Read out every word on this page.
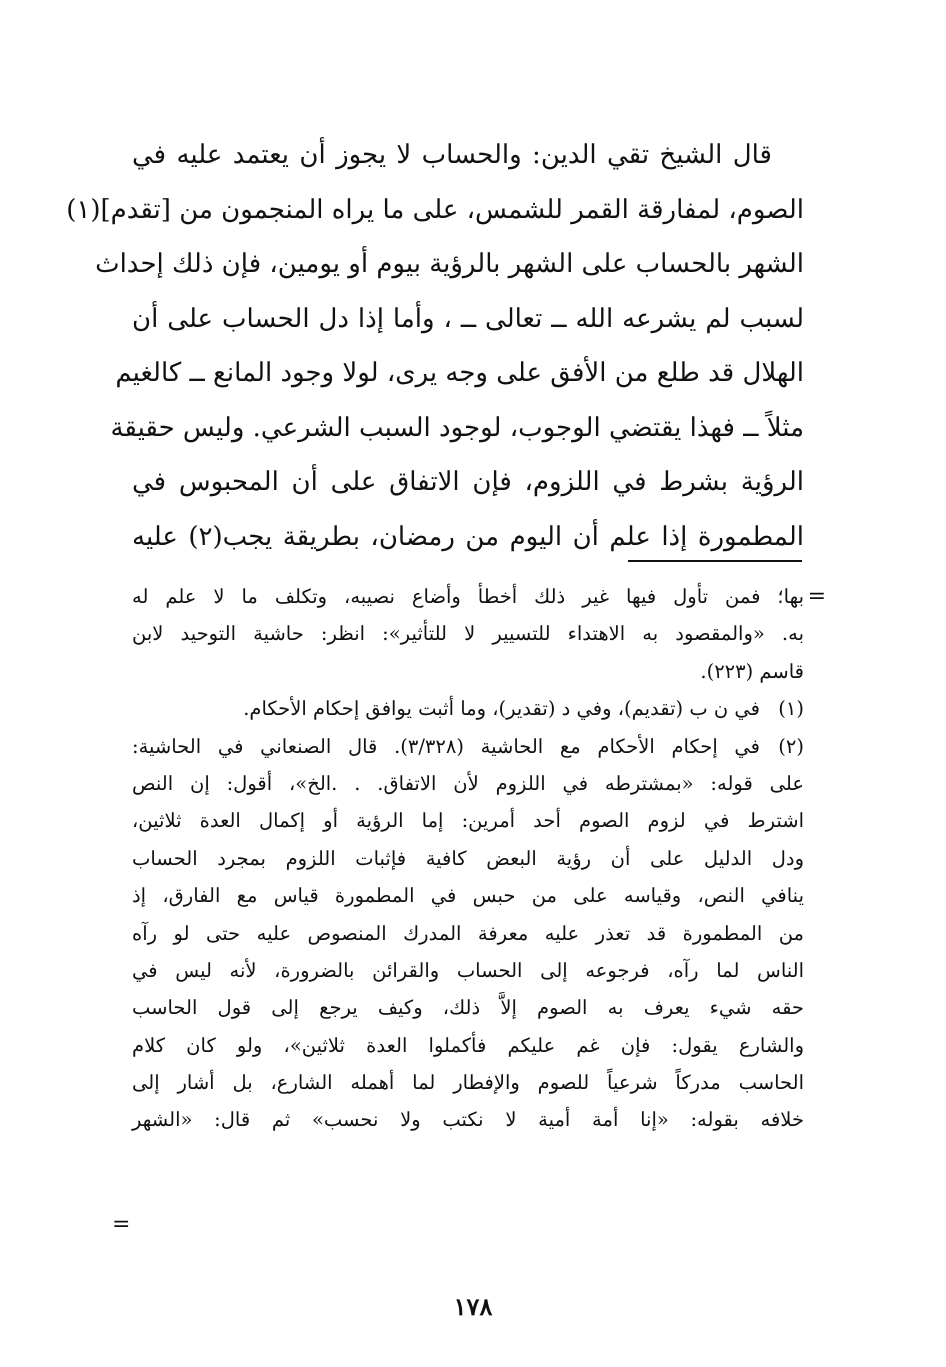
قال الشيخ تقي الدين: والحساب لا يجوز أن يعتمد عليه في
الصوم، لمفارقة القمر للشمس، على ما يراه المنجمون من [تقدم](١)
الشهر بالحساب على الشهر بالرؤية بيوم أو يومين، فإن ذلك إحداث
لسبب لم يشرعه الله ــ تعالى ــ ، وأما إذا دل الحساب على أن
الهلال قد طلع من الأفق على وجه يرى، لولا وجود المانع ــ كالغيم
مثلاً ــ فهذا يقتضي الوجوب، لوجود السبب الشرعي. وليس حقيقة
الرؤية بشرط في اللزوم، فإن الاتفاق على أن المحبوس في
المطمورة إذا علم أن اليوم من رمضان، بطريقة يجب(٢) عليه
=
بها؛ فمن تأول فيها غير ذلك أخطأ وأضاع نصيبه، وتكلف ما لا علم له
به. «والمقصود به الاهتداء للتسيير لا للتأثير»: انظر: حاشية التوحيد لابن
قاسم (٢٢٣).
(١)
في ن ب (تقديم)، وفي د (تقدير)، وما أثبت يوافق إحكام الأحكام.
(٢)
في إحكام الأحكام مع الحاشية (٣/٣٢٨). قال الصنعاني في الحاشية:
على قوله: «بمشترطه في اللزوم لأن الاتفاق. . .الخ»، أقول: إن النص
اشترط في لزوم الصوم أحد أمرين: إما الرؤية أو إكمال العدة ثلاثين،
ودل الدليل على أن رؤية البعض كافية فإثبات اللزوم بمجرد الحساب
ينافي النص، وقياسه على من حبس في المطمورة قياس مع الفارق، إذ
من المطمورة قد تعذر عليه معرفة المدرك المنصوص عليه حتى لو رآه
الناس لما رآه، فرجوعه إلى الحساب والقرائن بالضرورة، لأنه ليس في
حقه شيء يعرف به الصوم إلاَّ ذلك، وكيف يرجع إلى قول الحاسب
والشارع يقول: فإن غم عليكم فأكملوا العدة ثلاثين»، ولو كان كلام
الحاسب مدركاً شرعياً للصوم والإفطار لما أهمله الشارع، بل أشار إلى
خلافه بقوله: «إنا أمة أمية لا نكتب ولا نحسب» ثم قال: «الشهر
=
١٧٨
